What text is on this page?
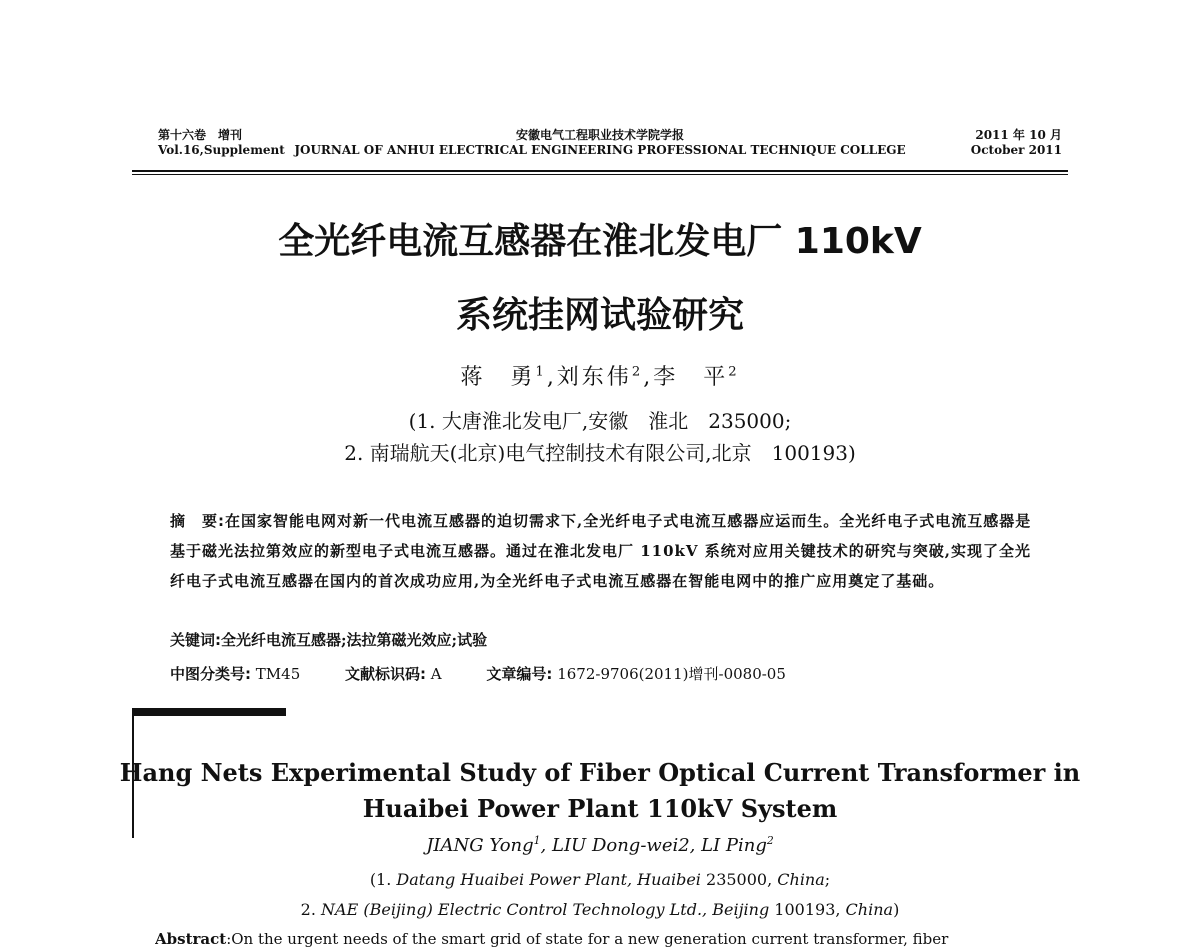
第十六卷　增刊
Vol.16,Supplement
安徽电气工程职业技术学院学报
JOURNAL OF ANHUI ELECTRICAL ENGINEERING PROFESSIONAL TECHNIQUE COLLEGE
2011 年 10 月
October 2011
全光纤电流互感器在淮北发电厂 110kV
系统挂网试验研究
蒋　勇$^1$,刘东伟$^2$,李　平$^2$
(1. 大唐淮北发电厂,安徽　淮北　235000;
2. 南瑞航天(北京)电气控制技术有限公司,北京　100193)
摘　要:在国家智能电网对新一代电流互感器的迫切需求下,全光纤电子式电流互感器应运而生。全光纤电子式电流互感器是基于磁光法拉第效应的新型电子式电流互感器。通过在淮北发电厂 110kV 系统对应用关键技术的研究与突破,实现了全光纤电子式电流互感器在国内的首次成功应用,为全光纤电子式电流互感器在智能电网中的推广应用奠定了基础。
关键词:全光纤电流互感器;法拉第磁光效应;试验
中图分类号: TM45	文献标识码: A	文章编号: 1672-9706(2011)增刊-0080-05
Hang Nets Experimental Study of Fiber Optical Current Transformer in
Huaibei Power Plant 110kV System
JIANG Yong$^1$, LIU Dong-wei2, LI Ping$^2$
(1. Datang Huaibei Power Plant, Huaibei 235000, China;
2. NAE (Beijing) Electric Control Technology Ltd., Beijing 100193, China)
Abstract:On the urgent needs of the smart grid of state for a new generation current transformer, fiber
